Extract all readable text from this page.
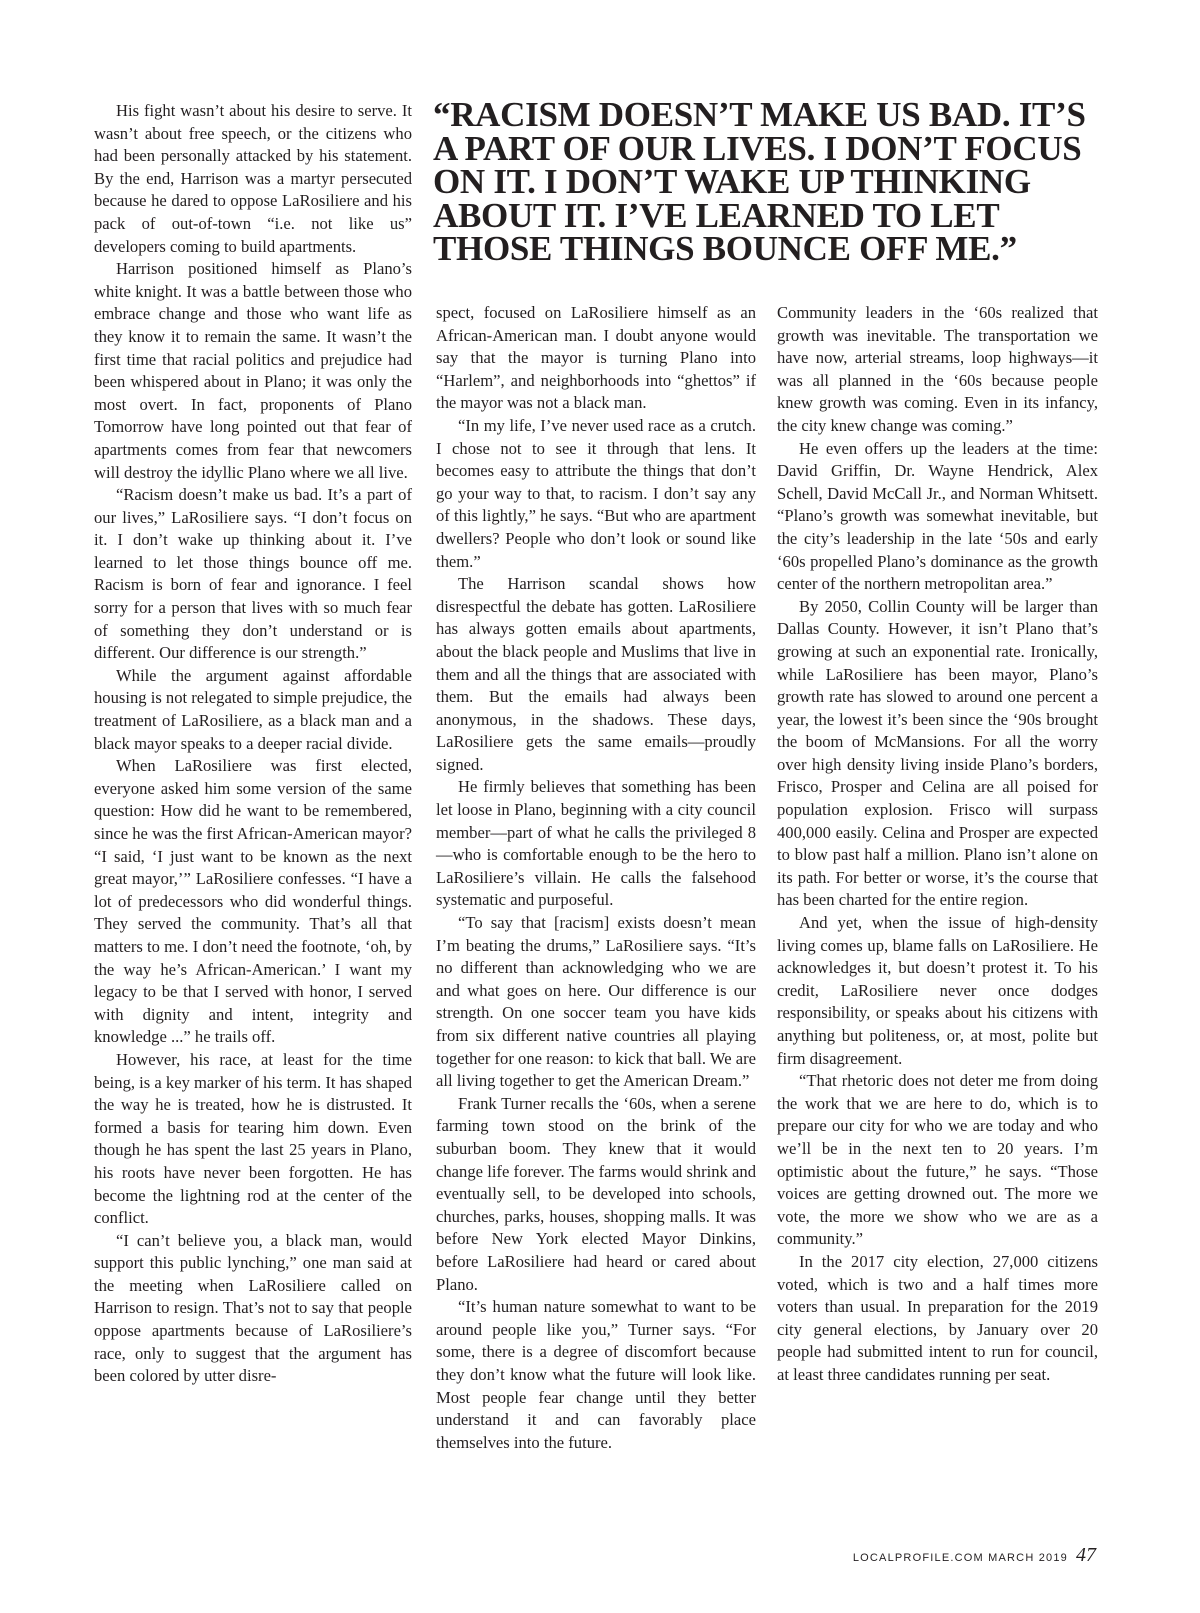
His fight wasn’t about his desire to serve. It wasn’t about free speech, or the citizens who had been personally attacked by his statement. By the end, Harrison was a martyr persecuted because he dared to oppose LaRosiliere and his pack of out-of-town “i.e. not like us” developers coming to build apartments.

Harrison positioned himself as Plano’s white knight. It was a battle between those who embrace change and those who want life as they know it to remain the same. It wasn’t the first time that racial politics and prejudice had been whispered about in Plano; it was only the most overt. In fact, proponents of Plano Tomorrow have long pointed out that fear of apartments comes from fear that newcomers will destroy the idyllic Plano where we all live.

“Racism doesn’t make us bad. It’s a part of our lives,” LaRosiliere says. “I don’t focus on it. I don’t wake up thinking about it. I’ve learned to let those things bounce off me. Racism is born of fear and ignorance. I feel sorry for a person that lives with so much fear of something they don’t understand or is different. Our difference is our strength.”

While the argument against affordable housing is not relegated to simple prejudice, the treatment of LaRosiliere, as a black man and a black mayor speaks to a deeper racial divide.

When LaRosiliere was first elected, everyone asked him some version of the same question: How did he want to be remembered, since he was the first African-American mayor? “I said, ‘I just want to be known as the next great mayor,’” LaRosiliere confesses. “I have a lot of predecessors who did wonderful things. They served the community. That’s all that matters to me. I don’t need the footnote, ‘oh, by the way he’s African-American.’ I want my legacy to be that I served with honor, I served with dignity and intent, integrity and knowledge ...” he trails off.

However, his race, at least for the time being, is a key marker of his term. It has shaped the way he is treated, how he is distrusted. It formed a basis for tearing him down. Even though he has spent the last 25 years in Plano, his roots have never been forgotten. He has become the lightning rod at the center of the conflict.

“I can’t believe you, a black man, would support this public lynching,” one man said at the meeting when LaRosiliere called on Harrison to resign. That’s not to say that people oppose apartments because of LaRosiliere’s race, only to suggest that the argument has been colored by utter disre-

“RACISM DOESN’T MAKE US BAD. IT’S A PART OF OUR LIVES. I DON’T FOCUS ON IT. I DON’T WAKE UP THINKING ABOUT IT. I’VE LEARNED TO LET THOSE THINGS BOUNCE OFF ME.”

spect, focused on LaRosiliere himself as an African-American man. I doubt anyone would say that the mayor is turning Plano into “Harlem”, and neighborhoods into “ghettos” if the mayor was not a black man.

“In my life, I’ve never used race as a crutch. I chose not to see it through that lens. It becomes easy to attribute the things that don’t go your way to that, to racism. I don’t say any of this lightly,” he says. “But who are apartment dwellers? People who don’t look or sound like them.”

The Harrison scandal shows how disrespectful the debate has gotten. LaRosiliere has always gotten emails about apartments, about the black people and Muslims that live in them and all the things that are associated with them. But the emails had always been anonymous, in the shadows. These days, LaRosiliere gets the same emails—proudly signed.

He firmly believes that something has been let loose in Plano, beginning with a city council member—part of what he calls the privileged 8—who is comfortable enough to be the hero to LaRosiliere’s villain. He calls the falsehood systematic and purposeful.

“To say that [racism] exists doesn’t mean I’m beating the drums,” LaRosiliere says. “It’s no different than acknowledging who we are and what goes on here. Our difference is our strength. On one soccer team you have kids from six different native countries all playing together for one reason: to kick that ball. We are all living together to get the American Dream.”

Frank Turner recalls the ‘60s, when a serene farming town stood on the brink of the suburban boom. They knew that it would change life forever. The farms would shrink and eventually sell, to be developed into schools, churches, parks, houses, shopping malls. It was before New York elected Mayor Dinkins, before LaRosiliere had heard or cared about Plano.

“It’s human nature somewhat to want to be around people like you,” Turner says. “For some, there is a degree of discomfort because they don’t know what the future will look like. Most people fear change until they better understand it and can favorably place themselves into the future.

Community leaders in the ‘60s realized that growth was inevitable. The transportation we have now, arterial streams, loop highways—it was all planned in the ‘60s because people knew growth was coming. Even in its infancy, the city knew change was coming.”

He even offers up the leaders at the time: David Griffin, Dr. Wayne Hendrick, Alex Schell, David McCall Jr., and Norman Whitsett. “Plano’s growth was somewhat inevitable, but the city’s leadership in the late ‘50s and early ‘60s propelled Plano’s dominance as the growth center of the northern metropolitan area.”

By 2050, Collin County will be larger than Dallas County. However, it isn’t Plano that’s growing at such an exponential rate. Ironically, while LaRosiliere has been mayor, Plano’s growth rate has slowed to around one percent a year, the lowest it’s been since the ‘90s brought the boom of McMansions. For all the worry over high density living inside Plano’s borders, Frisco, Prosper and Celina are all poised for population explosion. Frisco will surpass 400,000 easily. Celina and Prosper are expected to blow past half a million. Plano isn’t alone on its path. For better or worse, it’s the course that has been charted for the entire region.

And yet, when the issue of high-density living comes up, blame falls on LaRosiliere. He acknowledges it, but doesn’t protest it. To his credit, LaRosiliere never once dodges responsibility, or speaks about his citizens with anything but politeness, or, at most, polite but firm disagreement.

“That rhetoric does not deter me from doing the work that we are here to do, which is to prepare our city for who we are today and who we’ll be in the next ten to 20 years. I’m optimistic about the future,” he says. “Those voices are getting drowned out. The more we vote, the more we show who we are as a community.”

In the 2017 city election, 27,000 citizens voted, which is two and a half times more voters than usual. In preparation for the 2019 city general elections, by January over 20 people had submitted intent to run for council, at least three candidates running per seat.

LOCALPROFILE.COM MARCH 2019 47
